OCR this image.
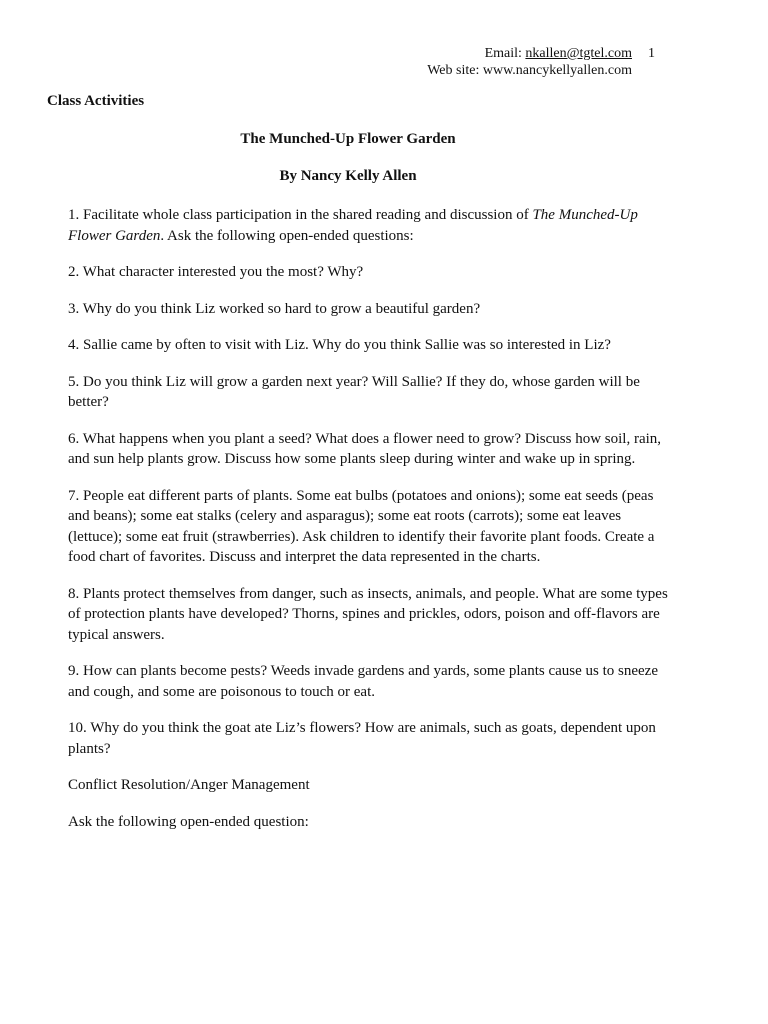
Email: nkallen@tgtel.com 1
Web site: www.nancykellyallen.com
Class Activities
The Munched-Up Flower Garden
By Nancy Kelly Allen

1. Facilitate whole class participation in the shared reading and discussion of The Munched-Up Flower Garden. Ask the following open-ended questions:

2. What character interested you the most? Why?

3. Why do you think Liz worked so hard to grow a beautiful garden?

4. Sallie came by often to visit with Liz. Why do you think Sallie was so interested in Liz?

5. Do you think Liz will grow a garden next year? Will Sallie? If they do, whose garden will be better?

6. What happens when you plant a seed? What does a flower need to grow? Discuss how soil, rain, and sun help plants grow. Discuss how some plants sleep during winter and wake up in spring.

7. People eat different parts of plants. Some eat bulbs (potatoes and onions); some eat seeds (peas and beans); some eat stalks (celery and asparagus); some eat roots (carrots); some eat leaves (lettuce); some eat fruit (strawberries). Ask children to identify their favorite plant foods. Create a food chart of favorites. Discuss and interpret the data represented in the charts.

8. Plants protect themselves from danger, such as insects, animals, and people. What are some types of protection plants have developed? Thorns, spines and prickles, odors, poison and off-flavors are typical answers.

9. How can plants become pests? Weeds invade gardens and yards, some plants cause us to sneeze and cough, and some are poisonous to touch or eat.

10. Why do you think the goat ate Liz’s flowers? How are animals, such as goats, dependent upon plants?

Conflict Resolution/Anger Management

Ask the following open-ended question:
